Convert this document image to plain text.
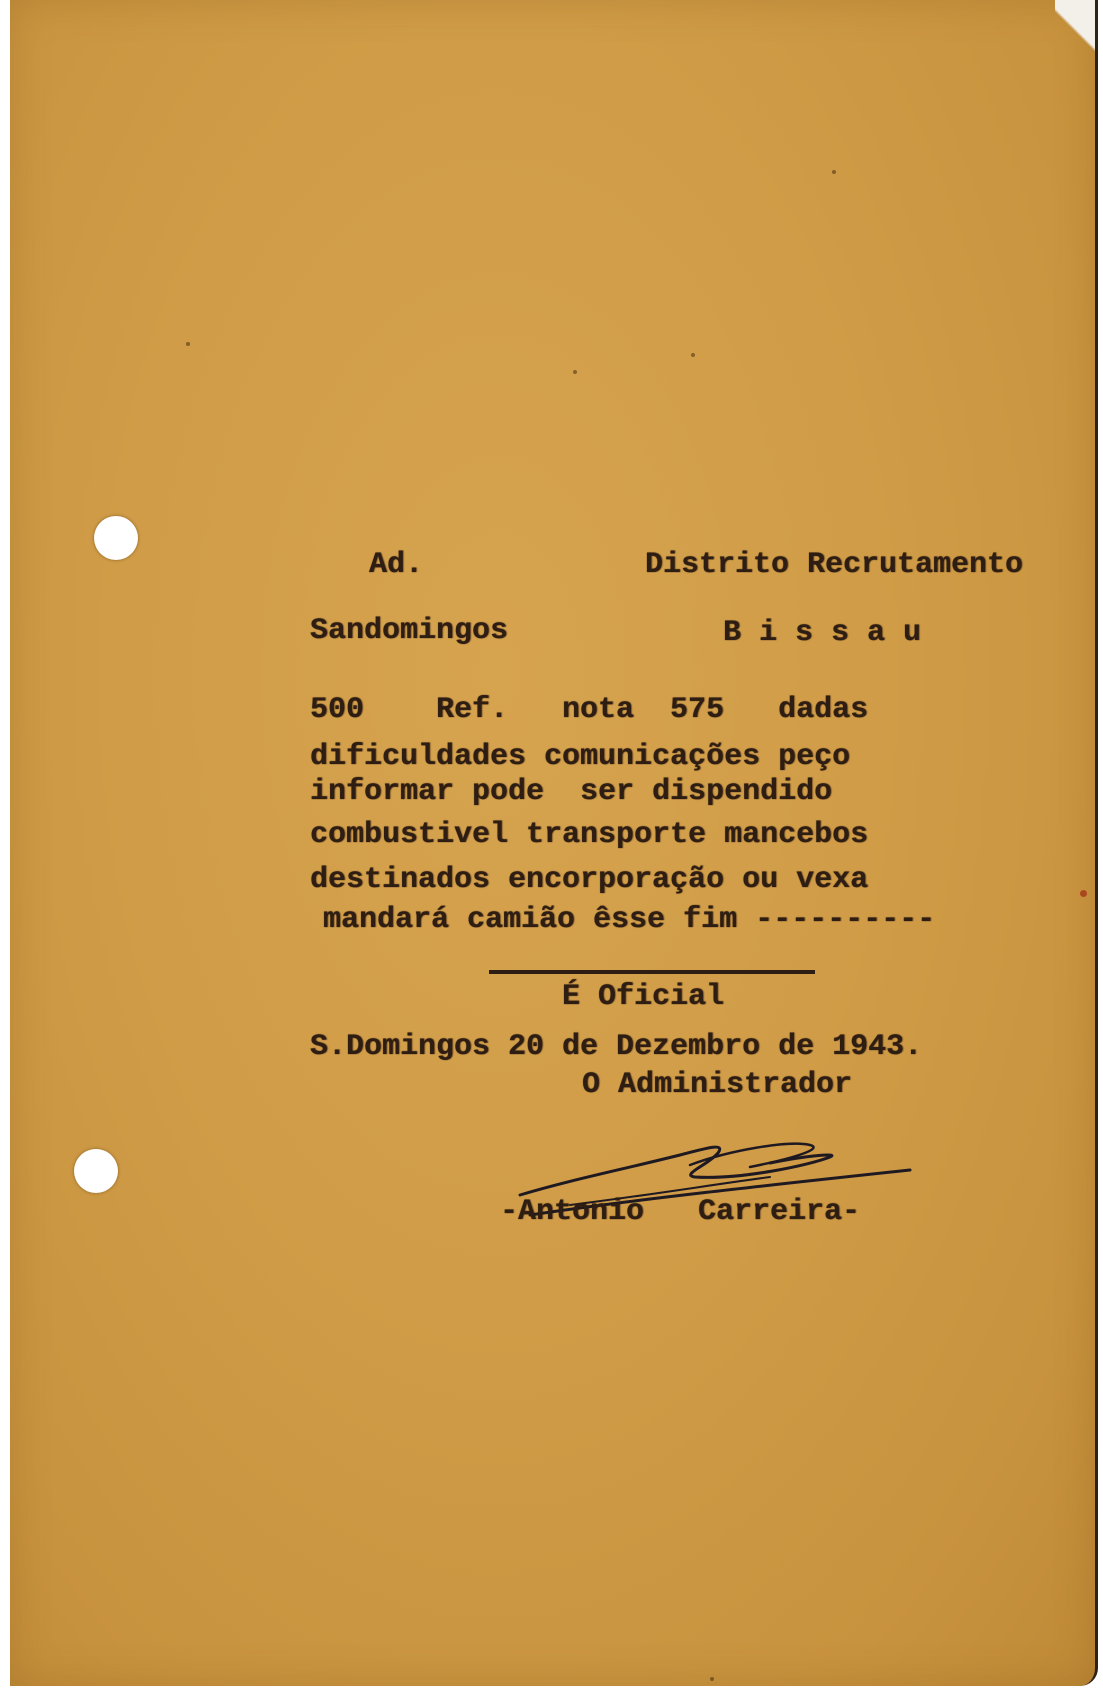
Ad.	Distrito Recrutamento
Sandomingos	B i s s a u
500    Ref.   nota  575   dadas
dificuldades comunicações peço
informar pode  ser dispendido
combustivel transporte mancebos
destinados encorporação ou vexa
mandará camião êsse fim ----------
É Oficial
S.Domingos 20 de Dezembro de 1943.
O Administrador
-Antonio   Carreira-
